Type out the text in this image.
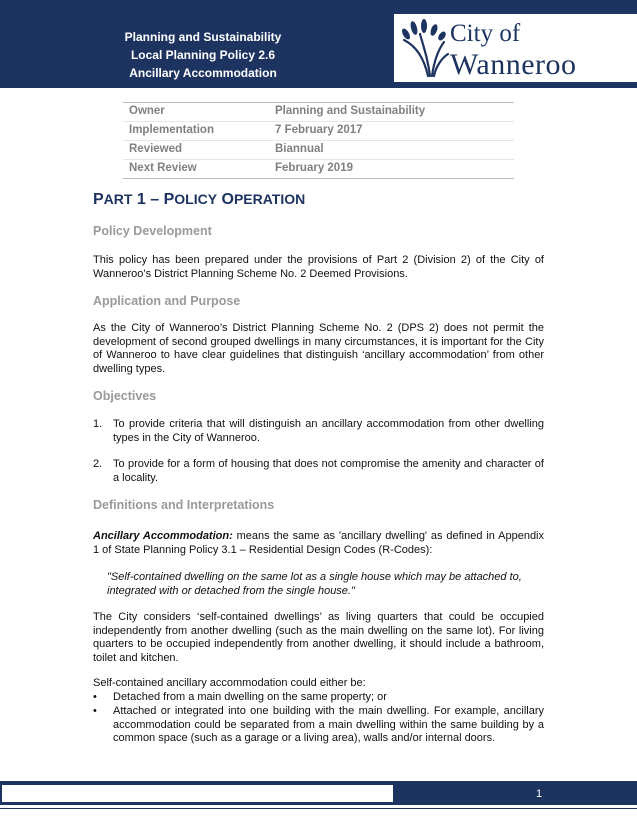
Planning and Sustainability
Local Planning Policy 2.6
Ancillary Accommodation
City of
Wanneroo
Owner	Planning and Sustainability
Implementation	7 February 2017
Reviewed	Biannual
Next Review	February 2019
PART 1 – POLICY OPERATION
Policy Development
This policy has been prepared under the provisions of Part 2 (Division 2) of the City of Wanneroo’s District Planning Scheme No. 2 Deemed Provisions.
Application and Purpose
As the City of Wanneroo’s District Planning Scheme No. 2 (DPS 2) does not permit the development of second grouped dwellings in many circumstances, it is important for the City of Wanneroo to have clear guidelines that distinguish ‘ancillary accommodation’ from other dwelling types.
Objectives
1. To provide criteria that will distinguish an ancillary accommodation from other dwelling types in the City of Wanneroo.
2. To provide for a form of housing that does not compromise the amenity and character of a locality.
Definitions and Interpretations
Ancillary Accommodation: means the same as 'ancillary dwelling' as defined in Appendix 1 of State Planning Policy 3.1 – Residential Design Codes (R-Codes):
"Self-contained dwelling on the same lot as a single house which may be attached to, integrated with or detached from the single house."
The City considers ‘self-contained dwellings’ as living quarters that could be occupied independently from another dwelling (such as the main dwelling on the same lot). For living quarters to be occupied independently from another dwelling, it should include a bathroom, toilet and kitchen.
Self-contained ancillary accommodation could either be:
• Detached from a main dwelling on the same property; or
• Attached or integrated into one building with the main dwelling. For example, ancillary accommodation could be separated from a main dwelling within the same building by a common space (such as a garage or a living area), walls and/or internal doors.
1
